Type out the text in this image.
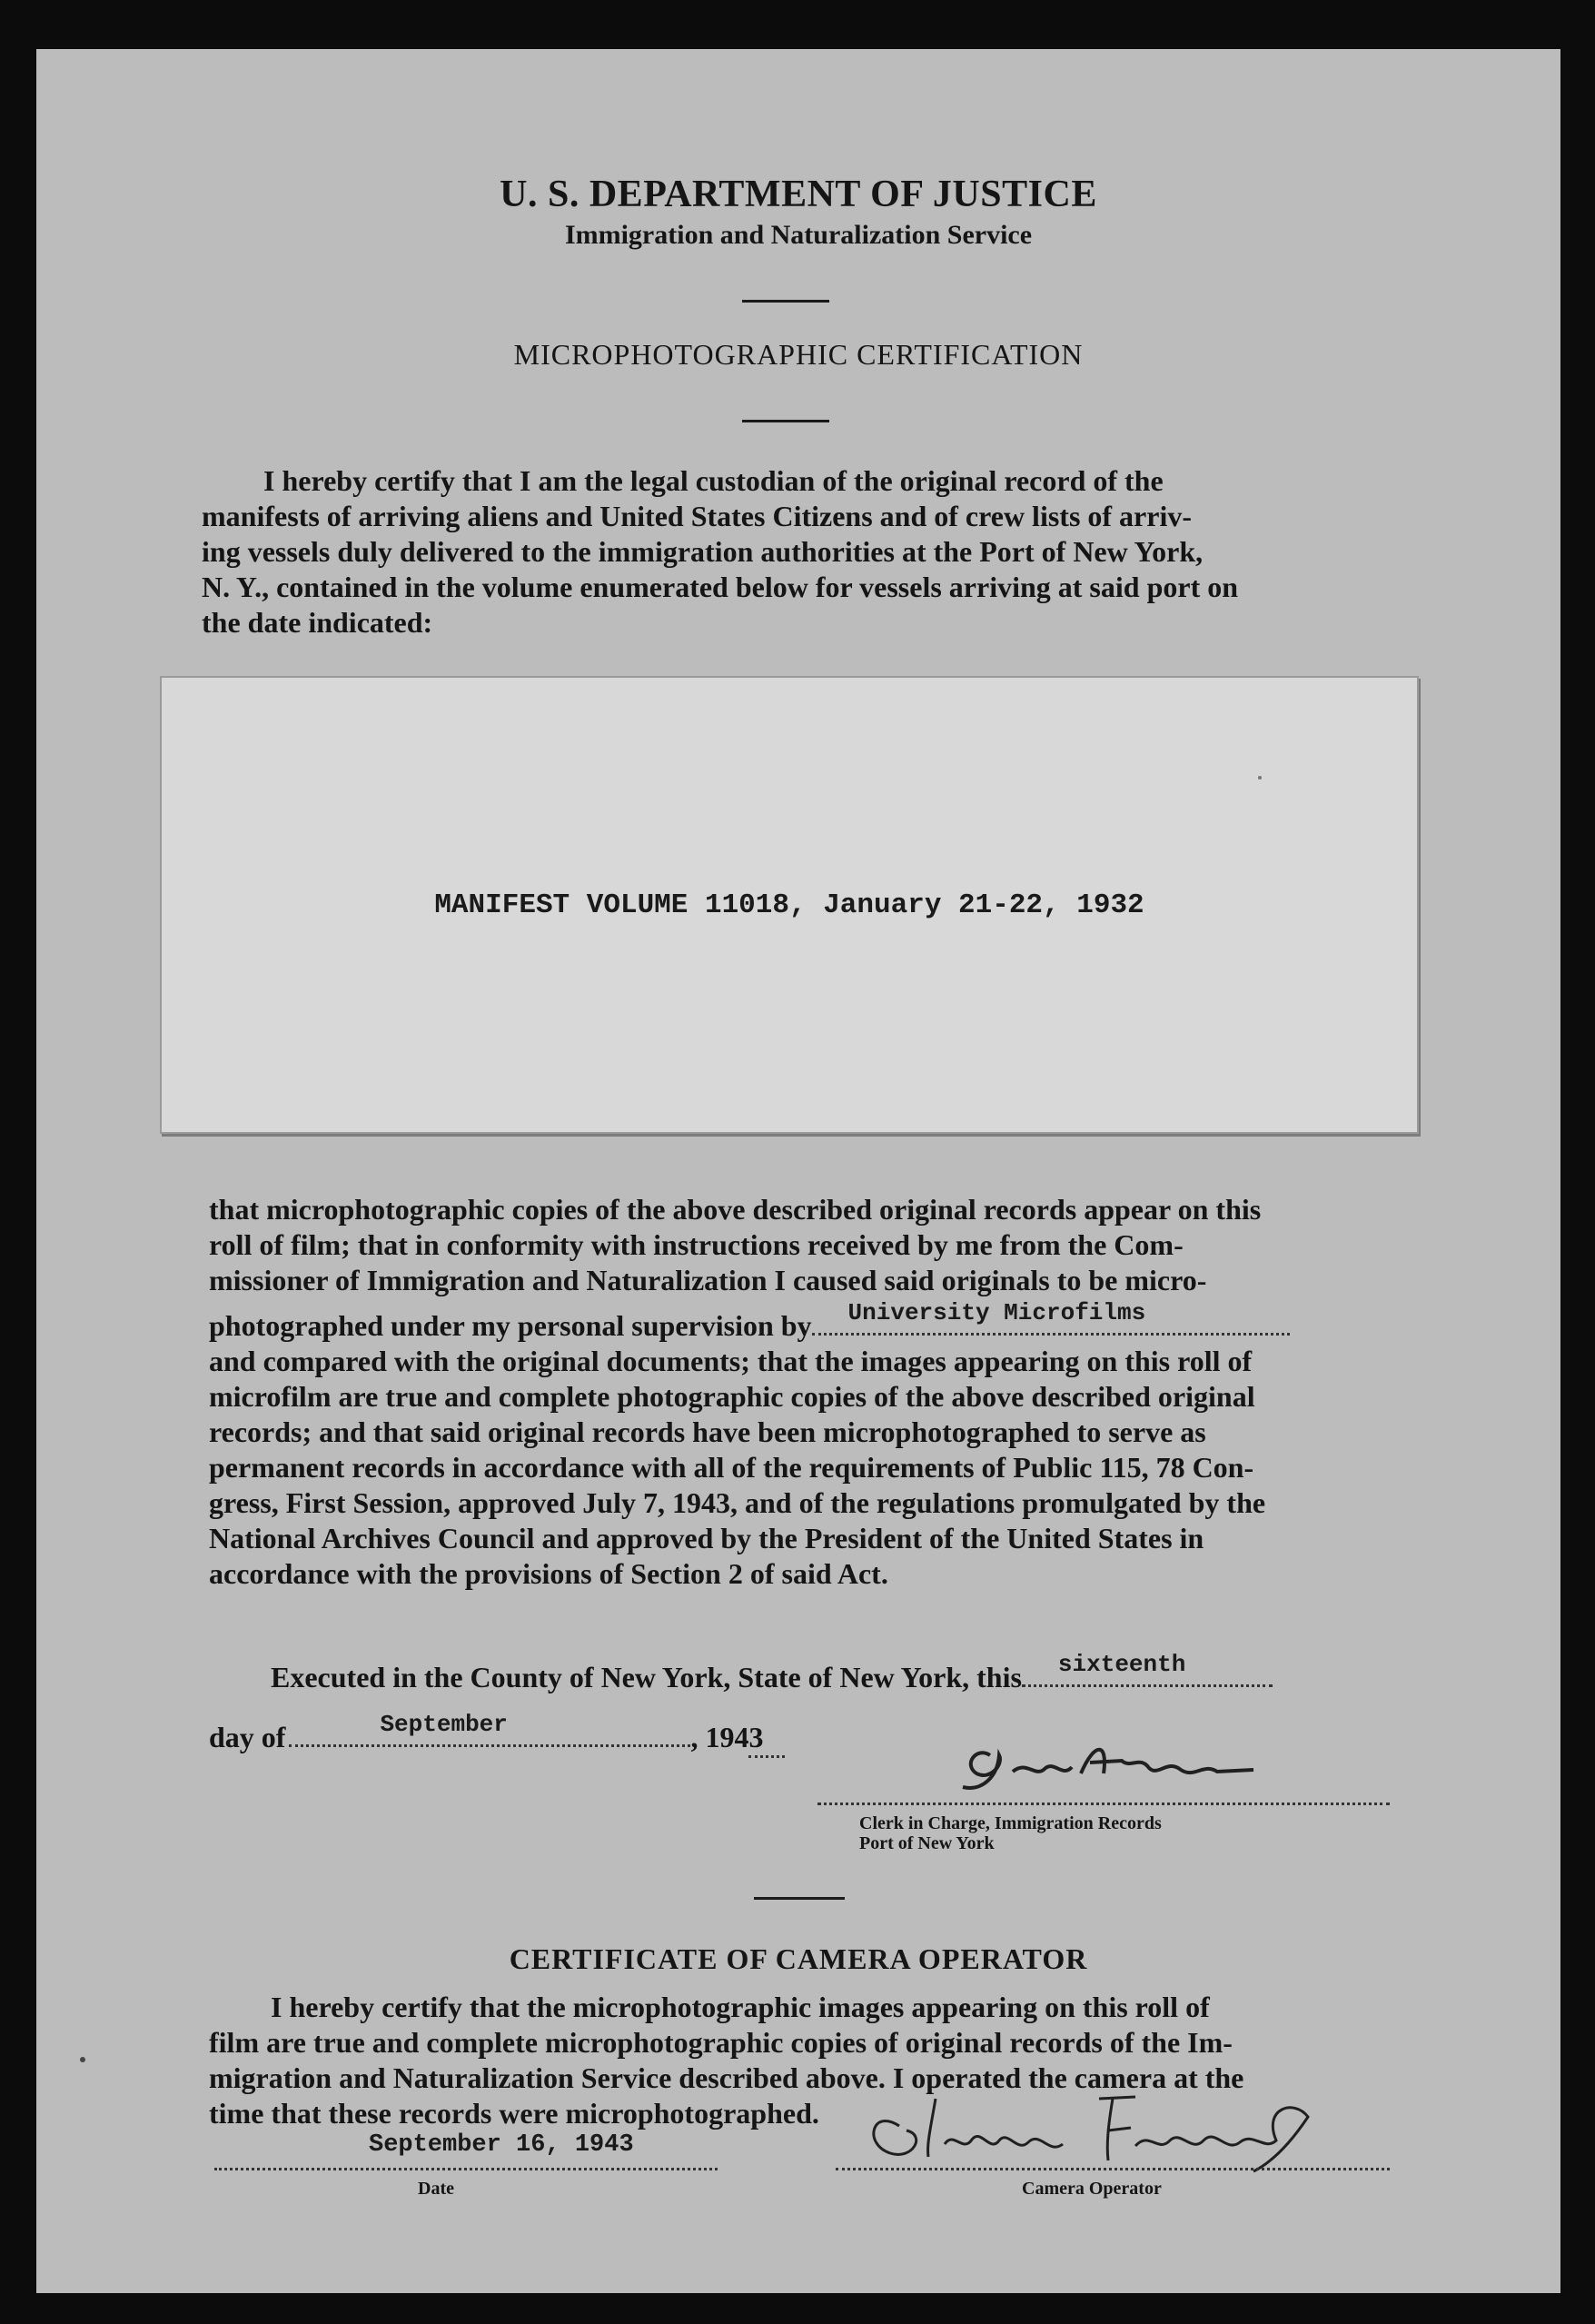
U. S. DEPARTMENT OF JUSTICE
Immigration and Naturalization Service
MICROPHOTOGRAPHIC CERTIFICATION

I hereby certify that I am the legal custodian of the original record of the

manifests of arriving aliens and United States Citizens and of crew lists of arriv-

ing vessels duly delivered to the immigration authorities at the Port of New York,

N. Y., contained in the volume enumerated below for vessels arriving at said port on

the date indicated:

MANIFEST VOLUME 11018, January 21-22, 1932

that microphotographic copies of the above described original records appear on this

roll of film; that in conformity with instructions received by me from the Com-

missioner of Immigration and Naturalization I caused said originals to be micro-

photographed under my personal supervision by University Microfilms

and compared with the original documents; that the images appearing on this roll of

microfilm are true and complete photographic copies of the above described original

records; and that said original records have been microphotographed to serve as

permanent records in accordance with all of the requirements of Public 115, 78 Con-

gress, First Session, approved July 7, 1943, and of the regulations promulgated by the

National Archives Council and approved by the President of the United States in

accordance with the provisions of Section 2 of said Act.

Executed in the County of New York, State of New York, this sixteenth
day of	September	, 1943
Clerk in Charge, Immigration Records
Port of New York
CERTIFICATE OF CAMERA OPERATOR

I hereby certify that the microphotographic images appearing on this roll of

film are true and complete microphotographic copies of original records of the Im-

migration and Naturalization Service described above. I operated the camera at the

time that these records were microphotographed.

September 16, 1943
Date	Camera Operator
